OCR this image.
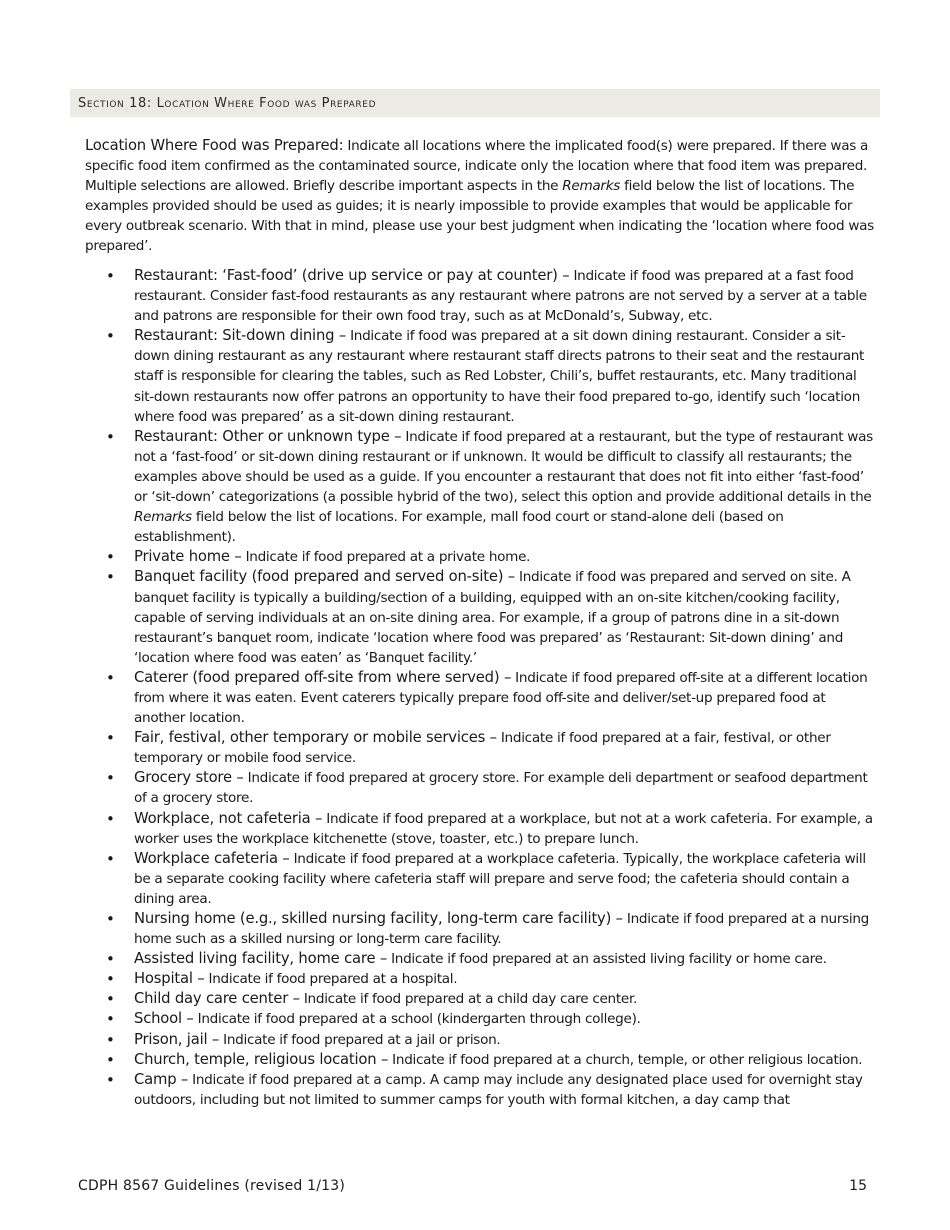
Section 18: Location Where Food was Prepared

Location Where Food was Prepared: Indicate all locations where the implicated food(s) were prepared. If there was a specific food item confirmed as the contaminated source, indicate only the location where that food item was prepared. Multiple selections are allowed. Briefly describe important aspects in the Remarks field below the list of locations. The examples provided should be used as guides; it is nearly impossible to provide examples that would be applicable for every outbreak scenario. With that in mind, please use your best judgment when indicating the ‘location where food was prepared’.

• Restaurant: ‘Fast-food’ (drive up service or pay at counter) – Indicate if food was prepared at a fast food restaurant. Consider fast-food restaurants as any restaurant where patrons are not served by a server at a table and patrons are responsible for their own food tray, such as at McDonald’s, Subway, etc.
• Restaurant: Sit-down dining – Indicate if food was prepared at a sit down dining restaurant. Consider a sit-down dining restaurant as any restaurant where restaurant staff directs patrons to their seat and the restaurant staff is responsible for clearing the tables, such as Red Lobster, Chili’s, buffet restaurants, etc. Many traditional sit-down restaurants now offer patrons an opportunity to have their food prepared to-go, identify such ‘location where food was prepared’ as a sit-down dining restaurant.
• Restaurant: Other or unknown type – Indicate if food prepared at a restaurant, but the type of restaurant was not a ‘fast-food’ or sit-down dining restaurant or if unknown. It would be difficult to classify all restaurants; the examples above should be used as a guide. If you encounter a restaurant that does not fit into either ‘fast-food’ or ‘sit-down’ categorizations (a possible hybrid of the two), select this option and provide additional details in the Remarks field below the list of locations. For example, mall food court or stand-alone deli (based on establishment).
• Private home – Indicate if food prepared at a private home.
• Banquet facility (food prepared and served on-site) – Indicate if food was prepared and served on site. A banquet facility is typically a building/section of a building, equipped with an on-site kitchen/cooking facility, capable of serving individuals at an on-site dining area. For example, if a group of patrons dine in a sit-down restaurant’s banquet room, indicate ‘location where food was prepared’ as ‘Restaurant: Sit-down dining’ and ‘location where food was eaten’ as ‘Banquet facility.’
• Caterer (food prepared off-site from where served) – Indicate if food prepared off-site at a different location from where it was eaten. Event caterers typically prepare food off-site and deliver/set-up prepared food at another location.
• Fair, festival, other temporary or mobile services – Indicate if food prepared at a fair, festival, or other temporary or mobile food service.
• Grocery store – Indicate if food prepared at grocery store. For example deli department or seafood department of a grocery store.
• Workplace, not cafeteria – Indicate if food prepared at a workplace, but not at a work cafeteria. For example, a worker uses the workplace kitchenette (stove, toaster, etc.) to prepare lunch.
• Workplace cafeteria – Indicate if food prepared at a workplace cafeteria. Typically, the workplace cafeteria will be a separate cooking facility where cafeteria staff will prepare and serve food; the cafeteria should contain a dining area.
• Nursing home (e.g., skilled nursing facility, long-term care facility) – Indicate if food prepared at a nursing home such as a skilled nursing or long-term care facility.
• Assisted living facility, home care – Indicate if food prepared at an assisted living facility or home care.
• Hospital – Indicate if food prepared at a hospital.
• Child day care center – Indicate if food prepared at a child day care center.
• School – Indicate if food prepared at a school (kindergarten through college).
• Prison, jail – Indicate if food prepared at a jail or prison.
• Church, temple, religious location – Indicate if food prepared at a church, temple, or other religious location.
• Camp – Indicate if food prepared at a camp. A camp may include any designated place used for overnight stay outdoors, including but not limited to summer camps for youth with formal kitchen, a day camp that
CDPH 8567 Guidelines (revised 1/13)	15
